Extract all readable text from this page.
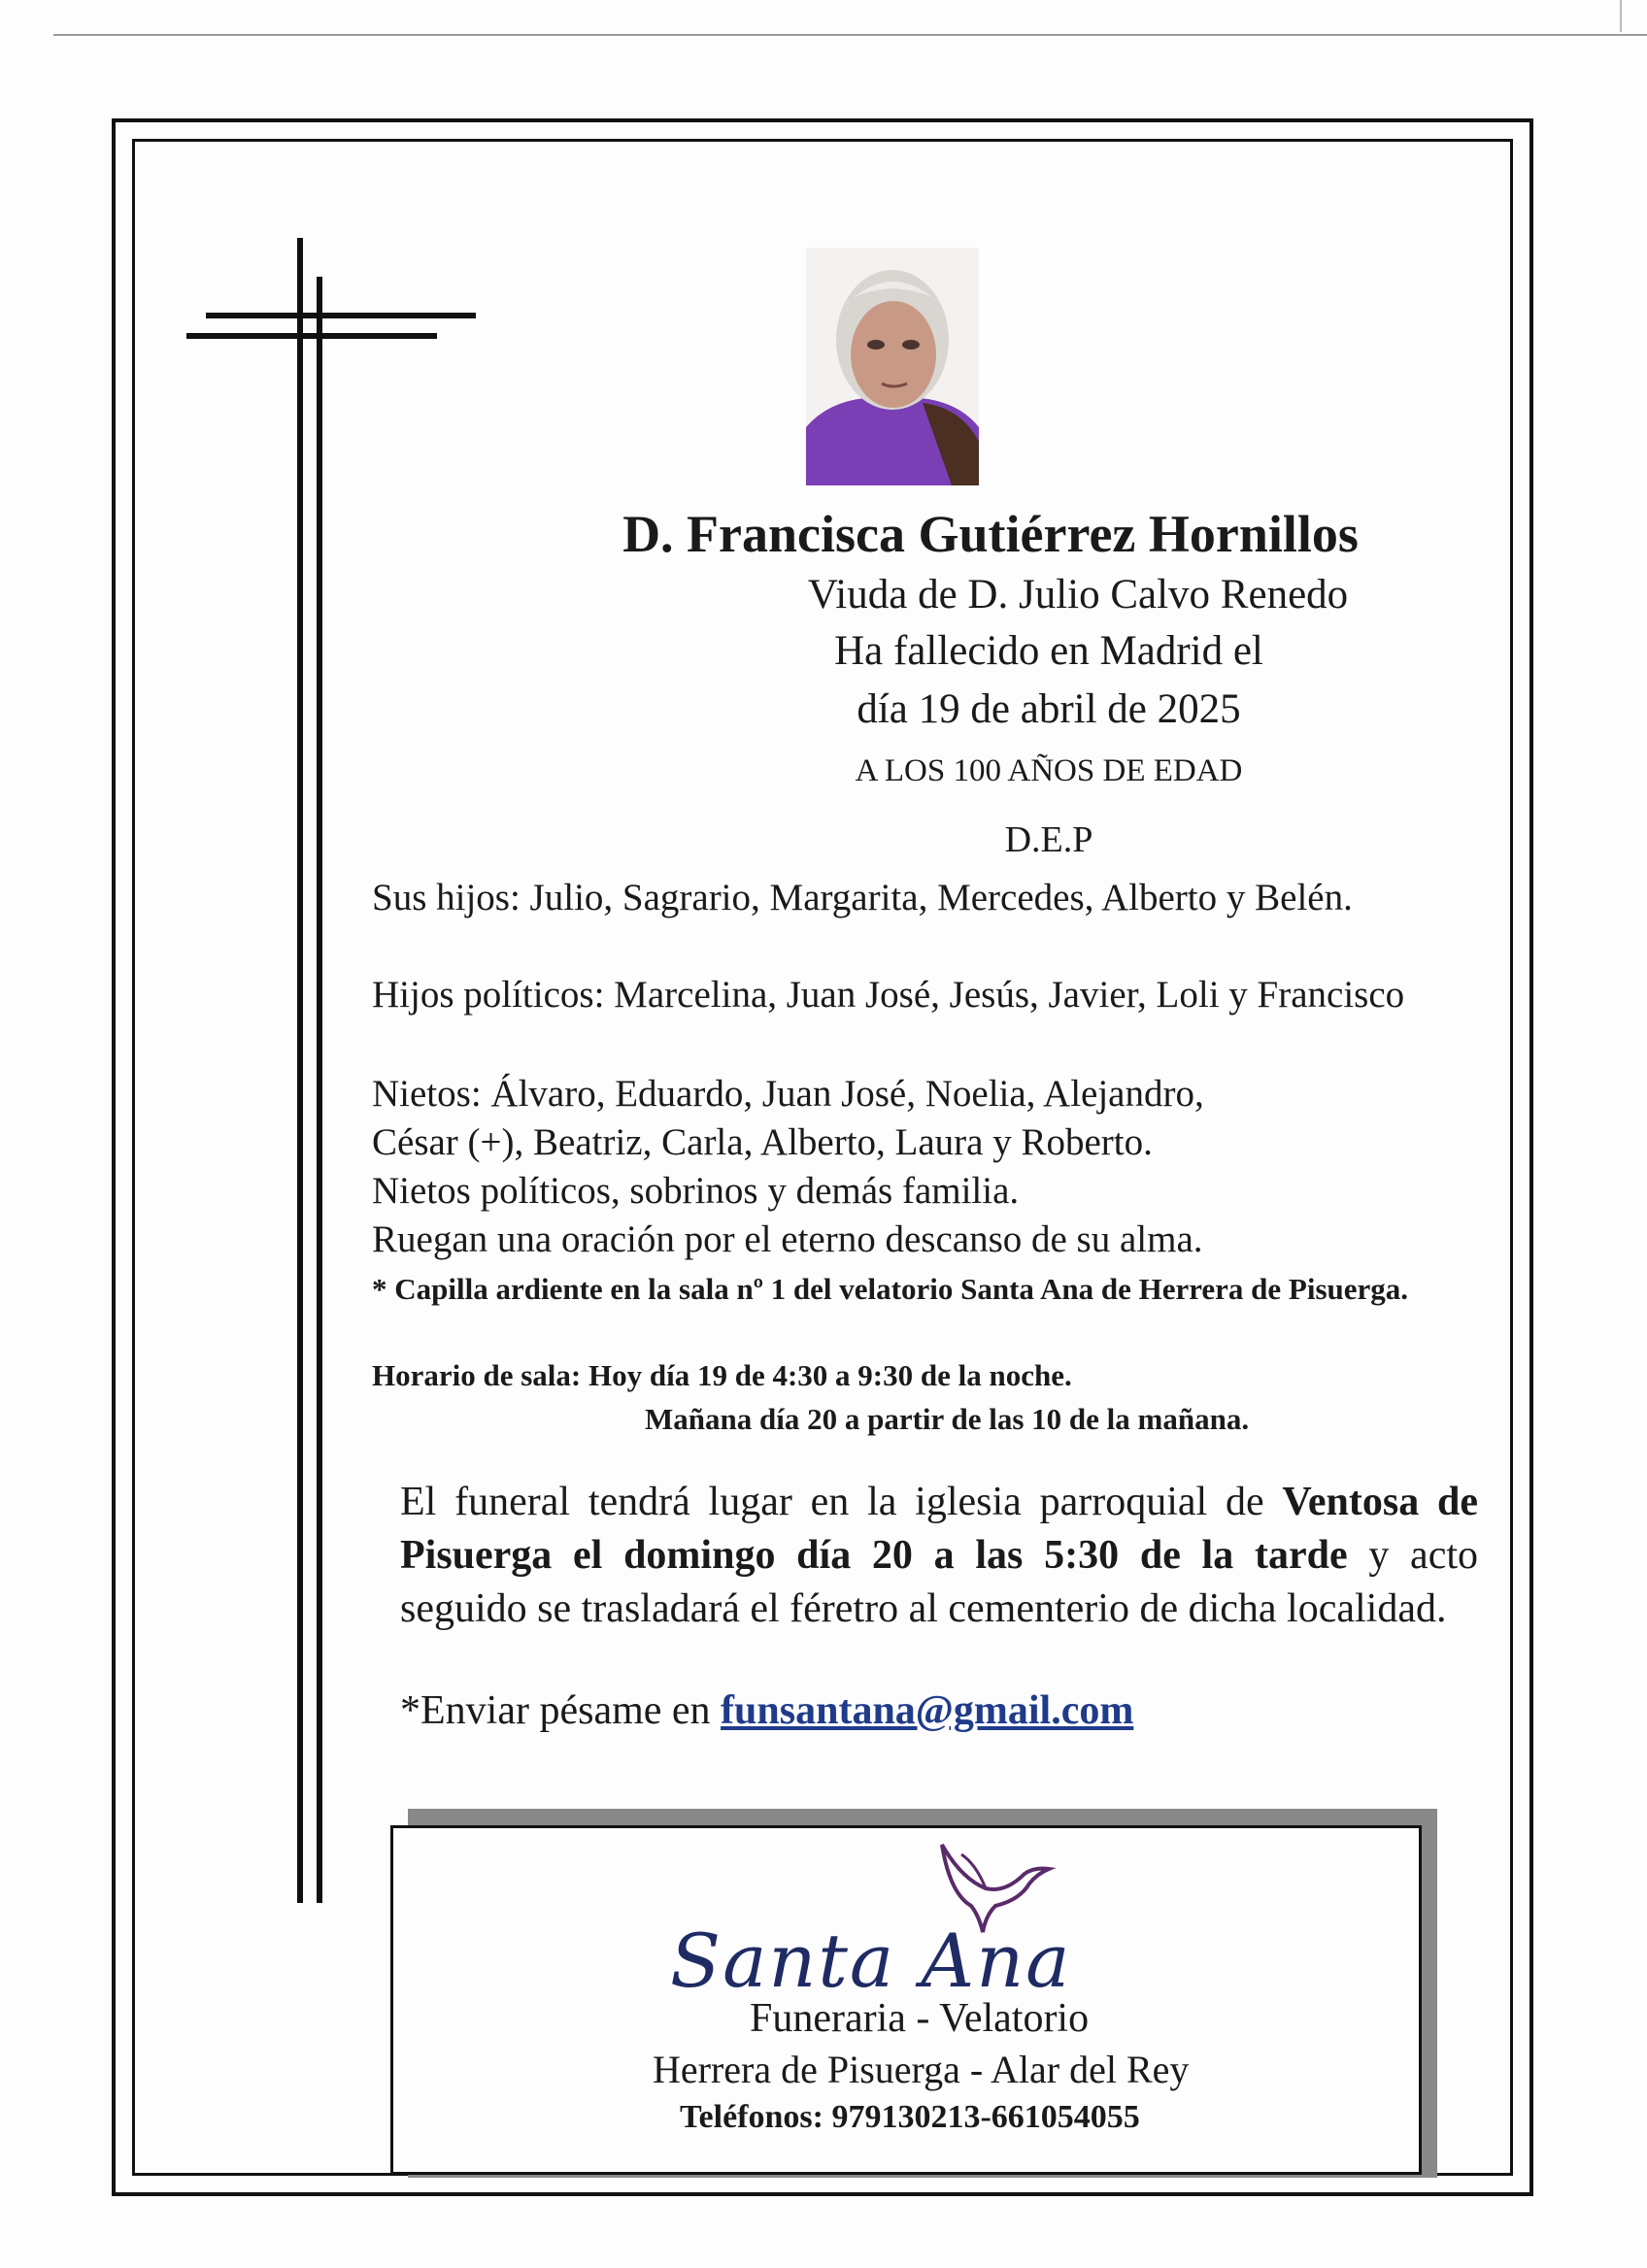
D. Francisca Gutiérrez Hornillos
Viuda de D. Julio Calvo Renedo
Ha fallecido en Madrid el
día 19 de abril de 2025
A LOS 100 AÑOS DE EDAD
D.E.P
Sus hijos: Julio, Sagrario, Margarita, Mercedes, Alberto y Belén.
Hijos políticos: Marcelina, Juan José, Jesús, Javier, Loli y Francisco

Nietos: Álvaro, Eduardo, Juan José, Noelia, Alejandro,

César (+), Beatriz, Carla, Alberto, Laura y Roberto.

Nietos políticos, sobrinos y demás familia.
Ruegan una oración por el eterno descanso de su alma.
* Capilla ardiente en la sala nº 1 del velatorio Santa Ana de Herrera de Pisuerga.
Horario de sala: Hoy día 19 de 4:30 a 9:30 de la noche.
Mañana día 20 a partir de las 10 de la mañana.

El funeral tendrá lugar en la iglesia parroquial de Ventosa de Pisuerga el domingo día 20 a las 5:30 de la tarde y acto seguido se trasladará el féretro al cementerio de dicha localidad.

*Enviar pésame en funsantana@gmail.com
Santa Ana
Funeraria - Velatorio
Herrera de Pisuerga - Alar del Rey
Teléfonos: 979130213-661054055
